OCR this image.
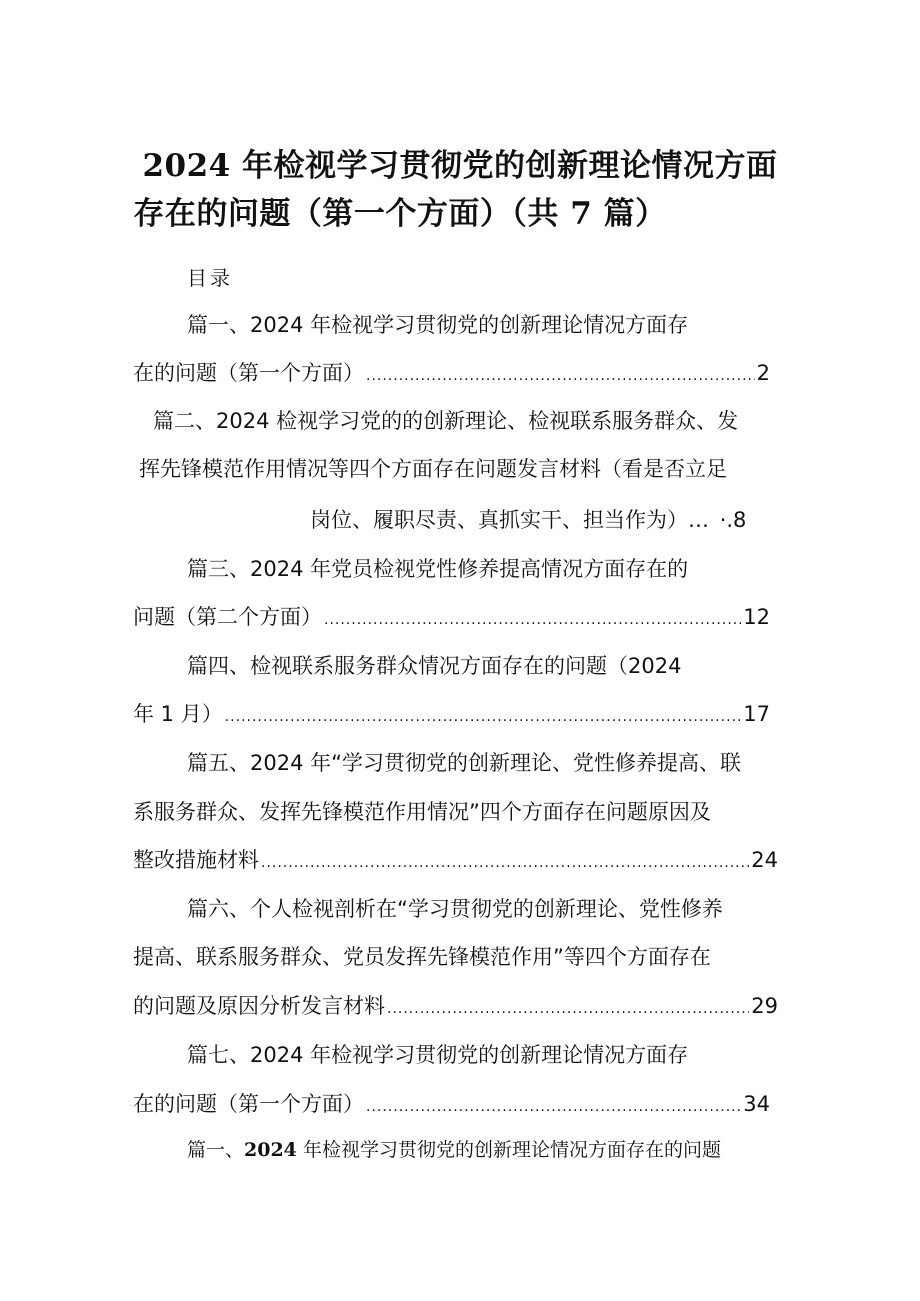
2024 年检视学习贯彻党的创新理论情况方面
存在的问题（第一个方面）（共 7 篇）
目录
篇一、2024 年检视学习贯彻党的创新理论情况方面存
在的问题（第一个方面） .....	2
篇二、2024 检视学习党的的创新理论、检视联系服务群众、发
挥先锋模范作用情况等四个方面存在问题发言材料（看是否立足
岗位、履职尽责、真抓实干、担当作为）… ·.8
篇三、2024 年党员检视党性修养提高情况方面存在的
问题（第二个方面） .....	12
篇四、检视联系服务群众情况方面存在的问题（2024
年 1 月） .....	17
篇五、2024 年“学习贯彻党的创新理论、党性修养提高、联
系服务群众、发挥先锋模范作用情况”四个方面存在问题原因及
整改措施材料 .....	24
篇六、个人检视剖析在“学习贯彻党的创新理论、党性修养
提高、联系服务群众、党员发挥先锋模范作用”等四个方面存在
的问题及原因分析发言材料 .....	29
篇七、2024 年检视学习贯彻党的创新理论情况方面存
在的问题（第一个方面） .....	34
篇一、2024 年检视学习贯彻党的创新理论情况方面存在的问题
